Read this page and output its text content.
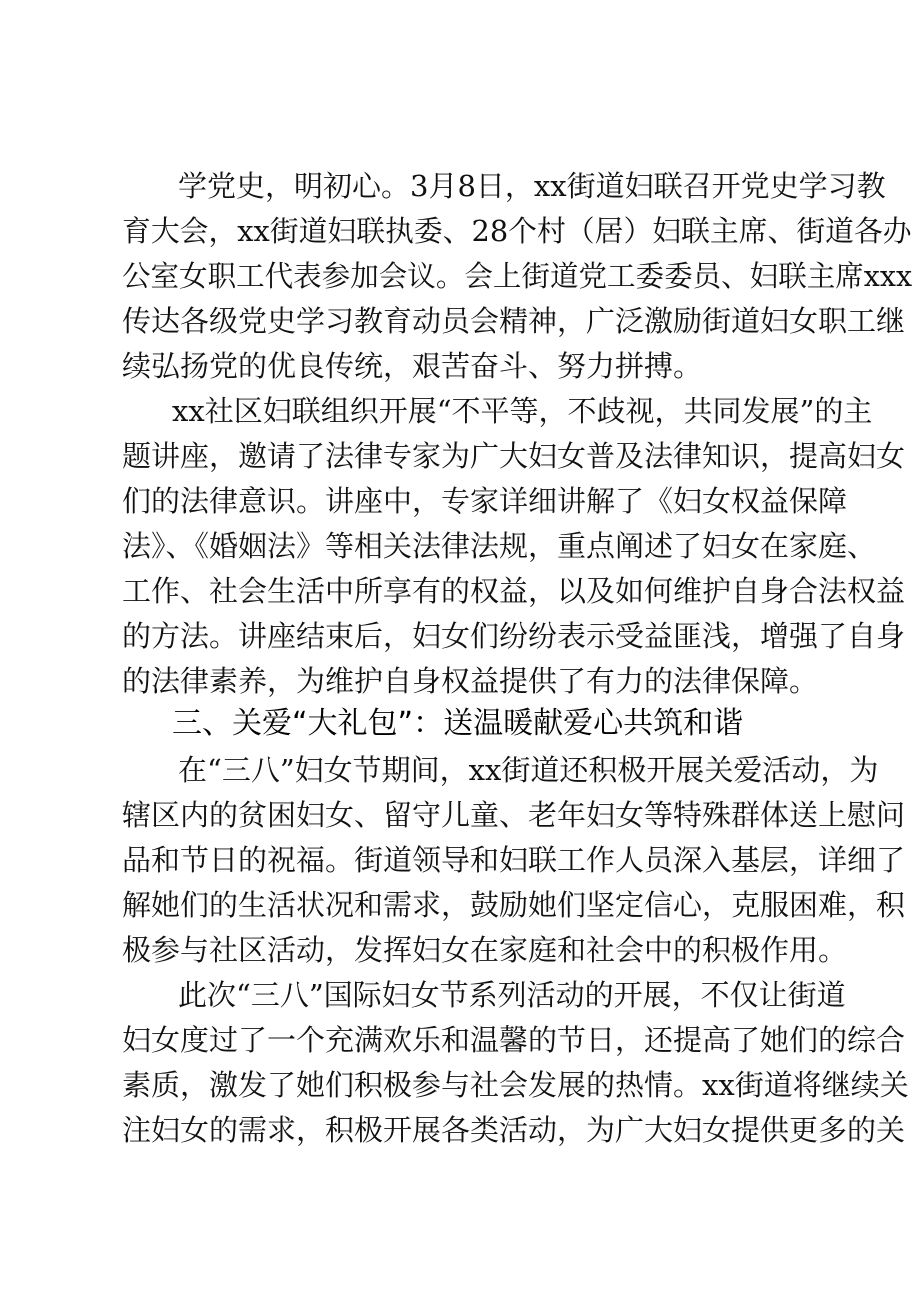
学党史，明初心。3月8日，xx街道妇联召开党史学习教
育大会，xx街道妇联执委、28个村（居）妇联主席、街道各办
公室女职工代表参加会议。会上街道党工委委员、妇联主席xxx
传达各级党史学习教育动员会精神，广泛激励街道妇女职工继
续弘扬党的优良传统，艰苦奋斗、努力拼搏。
xx社区妇联组织开展“不平等，不歧视，共同发展”的主
题讲座，邀请了法律专家为广大妇女普及法律知识，提高妇女
们的法律意识。讲座中，专家详细讲解了《妇女权益保障
法》、《婚姻法》等相关法律法规，重点阐述了妇女在家庭、
工作、社会生活中所享有的权益，以及如何维护自身合法权益
的方法。讲座结束后，妇女们纷纷表示受益匪浅，增强了自身
的法律素养，为维护自身权益提供了有力的法律保障。
三、关爱“大礼包”：送温暖献爱心共筑和谐
在“三八”妇女节期间，xx街道还积极开展关爱活动，为
辖区内的贫困妇女、留守儿童、老年妇女等特殊群体送上慰问
品和节日的祝福。街道领导和妇联工作人员深入基层，详细了
解她们的生活状况和需求，鼓励她们坚定信心，克服困难，积
极参与社区活动，发挥妇女在家庭和社会中的积极作用。
此次“三八”国际妇女节系列活动的开展，不仅让街道
妇女度过了一个充满欢乐和温馨的节日，还提高了她们的综合
素质，激发了她们积极参与社会发展的热情。xx街道将继续关
注妇女的需求，积极开展各类活动，为广大妇女提供更多的关
